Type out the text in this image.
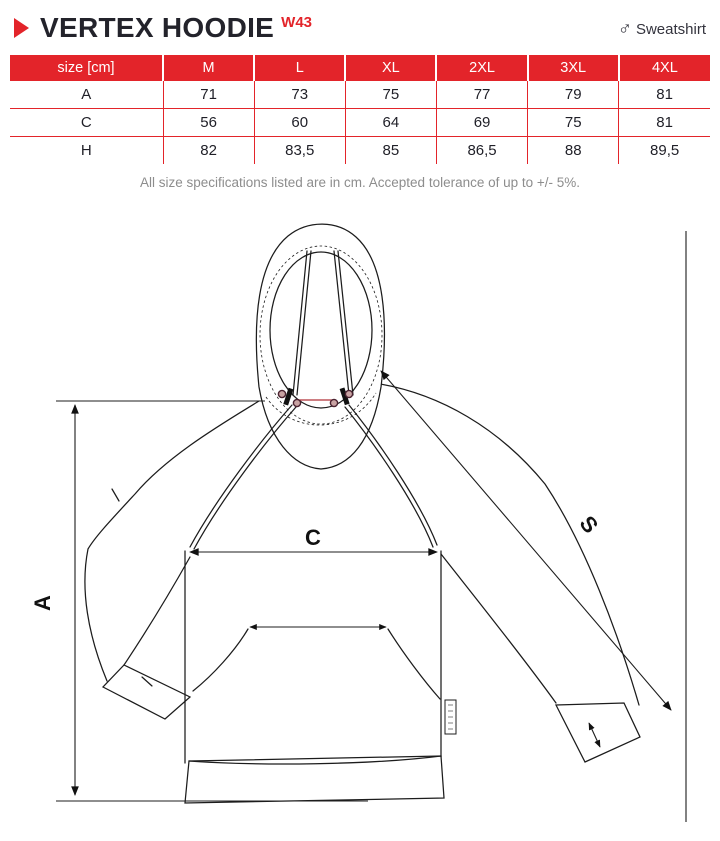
VERTEX HOODIE W43	♂ Sweatshirt
size [cm]	M	L	XL	2XL	3XL	4XL
A	71	73	75	77	79	81
C	56	60	64	69	75	81
H	82	83,5	85	86,5	88	89,5
All size specifications listed are in cm. Accepted tolerance of up to +/- 5%.
A
C	S
